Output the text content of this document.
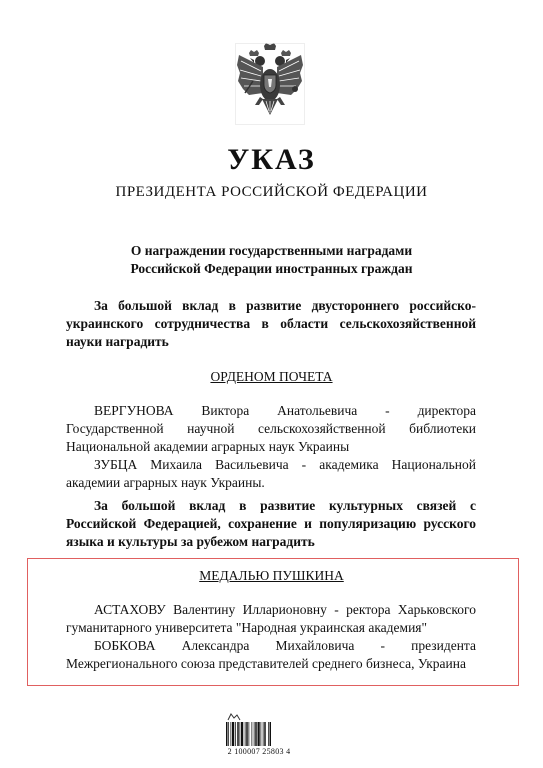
УКАЗ
ПРЕЗИДЕНТА РОССИЙСКОЙ ФЕДЕРАЦИИ
О награждении государственными наградами
Российской Федерации иностранных граждан
За большой вклад в развитие двустороннего российско-украинского сотрудничества в области сельскохозяйственной науки наградить
ОРДЕНОМ ПОЧЕТА
ВЕРГУНОВА Виктора Анатольевича - директора Государственной научной сельскохозяйственной библиотеки Национальной академии аграрных наук Украины
ЗУБЦА Михаила Васильевича - академика Национальной академии аграрных наук Украины.
За большой вклад в развитие культурных связей с Российской Федерацией, сохранение и популяризацию русского языка и культуры за рубежом наградить
МЕДАЛЬЮ ПУШКИНА
АСТАХОВУ Валентину Илларионовну - ректора Харьковского гуманитарного университета "Народная украинская академия"
БОБКОВА Александра Михайловича - президента Межрегионального союза представителей среднего бизнеса, Украина
2 100007 25803 4
